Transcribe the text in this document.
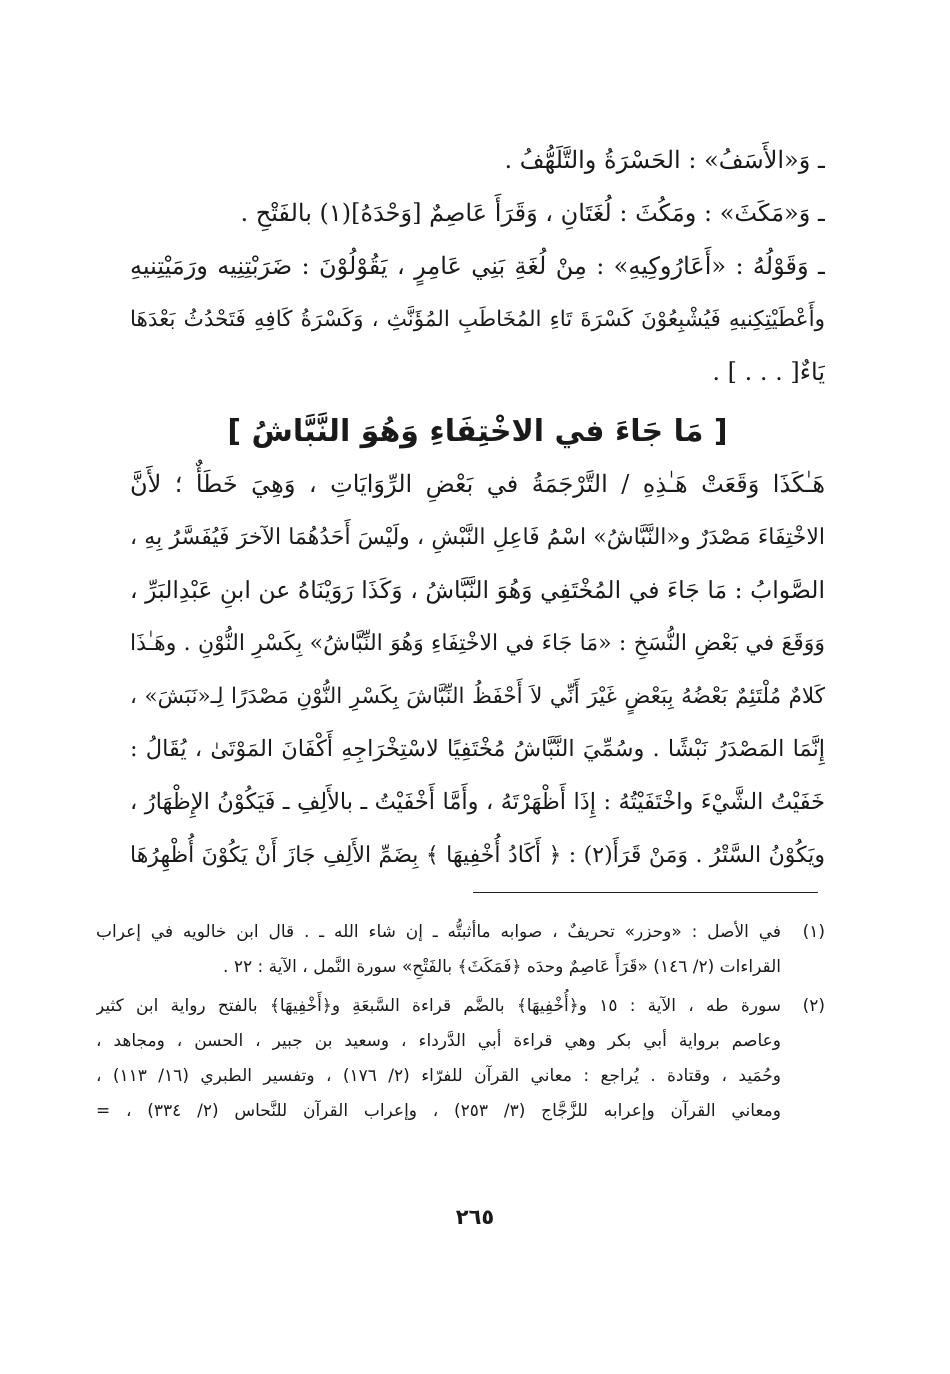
ـ وَ«الأَسَفُ» : الحَسْرَةُ والتَّلَهُّفُ .
ـ وَ«مَكَثَ» : ومَكُثَ : لُغَتَانِ ، وَقَرَأَ عَاصِمٌ [وَحْدَهُ](١) بالفَتْحِ .
ـ وَقَوْلُهُ : «أَعَارُوكِيهِ» : مِنْ لُغَةِ بَنِي عَامِرٍ ، يَقُوْلُوْنَ : ضَرَبْتِنِيه ورَمَيْتِنيهِ
وأَعْطَيْتِكِنيهِ فَيُشْبِعُوْنَ كَسْرَةَ تَاءِ المُخَاطَبِ المُؤَنَّثِ ، وَكَسْرَةُ كَافِهِ فَتَحْدُثُ بَعْدَهَا
يَاءٌ[ . . . ] .
[ مَا جَاءَ في الاخْتِفَاءِ وَهُوَ النَّبَّاشُ ]
هَـٰكَذَا وَقَعَتْ هَـٰذِهِ / التَّرْجَمَةُ في بَعْضِ الرِّوَايَاتِ ، وَهِيَ خَطَأٌ ؛ لأَنَّ
الاخْتِفَاءَ مَصْدَرٌ و«النَّبَّاشُ» اسْمُ فَاعِلِ النَّبْشِ ، ولَيْسَ أَحَدُهُمَا الآخرَ فَيُفَسَّرُ بِهِ ،
الصَّوابُ : مَا جَاءَ في المُخْتَفِي وَهُوَ النَّبَّاشُ ، وَكَذَا رَوَيْنَاهُ عن ابنِ عَبْدِالبَرِّ ،
وَوَقَعَ في بَعْضِ النُّسَخِ : «مَا جَاءَ في الاخْتِفَاءِ وَهُوَ النِّبَّاشُ» بِكَسْرِ النُّوْنِ . وهَـٰذَا
كَلامٌ مُلْتَئِمٌ بَعْضُهُ بِبَعْضٍ غَيْرَ أَنِّي لاَ أَحْفَظُ النِّبَّاشَ بِكَسْرِ النُّوْنِ مَصْدَرًا لِـ«نَبَشَ» ،
إِنَّمَا المَصْدَرُ نَبْشًا . وسُمِّيَ النَّبَّاشُ مُخْتَفِيًا لاسْتِخْرَاجِهِ أَكْفَانَ المَوْتَىٰ ، يُقَالُ :
خَفَيْتُ الشَّيْءَ واخْتَفَيْتُهُ : إِذَا أَظْهَرْتَهُ ، وأَمَّا أَخْفَيْتُ ـ بالأَلِفِ ـ فَيَكُوْنُ الإِظْهَارُ ،
ويَكُوْنُ السَّتْرُ . وَمَنْ قَرَأَ(٢) : ﴿ أَكَادُ أُخْفِيهَا ﴾ بِضَمِّ الأَلِفِ جَازَ أَنْ يَكُوْنَ أُظْهِرُهَا
(١)
في الأصل : «وحزر» تحريفٌ ، صوابه ماأثبتُّه ـ إن شاء الله ـ . قال ابن خالويه في إعراب
القراءات (٢/ ١٤٦) «قَرَأَ عَاصِمٌ وحدَه ﴿فَمَكَثَ﴾ بالفَتْحِ» سورة النَّمل ، الآية : ٢٢ .
(٢)
سورة طه ، الآية : ١٥ و﴿أُخْفِيهَا﴾ بالضَّم قراءة السَّبعَةِ و﴿أَخْفِيهَا﴾ بالفتح رواية ابن كثير
وعاصم برواية أبي بكر وهي قراءة أبي الدَّرداء ، وسعيد بن جبير ، الحسن ، ومجاهد ،
وحُمَيد ، وقتادة . يُراجع : معاني القرآن للفرّاء (٢/ ١٧٦) ، وتفسير الطبري (١٦/ ١١٣) ،
ومعاني القرآن وإعرابه للزَّجَّاج (٣/ ٢٥٣) ، وإعراب القرآن للنَّحاس (٢/ ٣٣٤) ، =
٢٦٥
